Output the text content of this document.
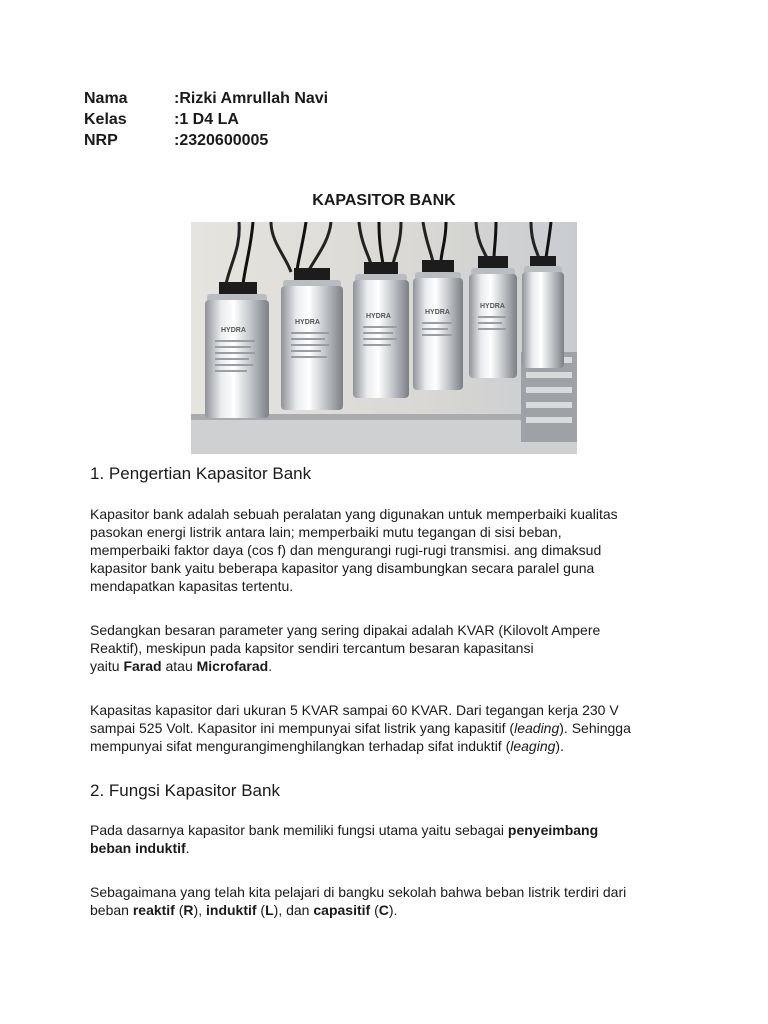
Nama	:Rizki Amrullah Navi
Kelas	:1 D4 LA
NRP	:2320600005
KAPASITOR BANK
HYDRA
HYDRA
HYDRA
HYDRA
HYDRA
1. Pengertian Kapasitor Bank
Kapasitor bank adalah sebuah peralatan yang digunakan untuk memperbaiki kualitas
pasokan energi listrik antara lain; memperbaiki mutu tegangan di sisi beban,
memperbaiki faktor daya (cos f) dan mengurangi rugi-rugi transmisi. ang dimaksud
kapasitor bank yaitu beberapa kapasitor yang disambungkan secara paralel guna
mendapatkan kapasitas tertentu.
Sedangkan besaran parameter yang sering dipakai adalah KVAR (Kilovolt Ampere
Reaktif), meskipun pada kapsitor sendiri tercantum besaran kapasitansi
yaitu Farad atau Microfarad.
Kapasitas kapasitor dari ukuran 5 KVAR sampai 60 KVAR. Dari tegangan kerja 230 V
sampai 525 Volt. Kapasitor ini mempunyai sifat listrik yang kapasitif (leading). Sehingga
mempunyai sifat mengurangimenghilangkan terhadap sifat induktif (leaging).
2. Fungsi Kapasitor Bank
Pada dasarnya kapasitor bank memiliki fungsi utama yaitu sebagai penyeimbang
beban induktif.
Sebagaimana yang telah kita pelajari di bangku sekolah bahwa beban listrik terdiri dari
beban reaktif (R), induktif (L), dan capasitif (C).
